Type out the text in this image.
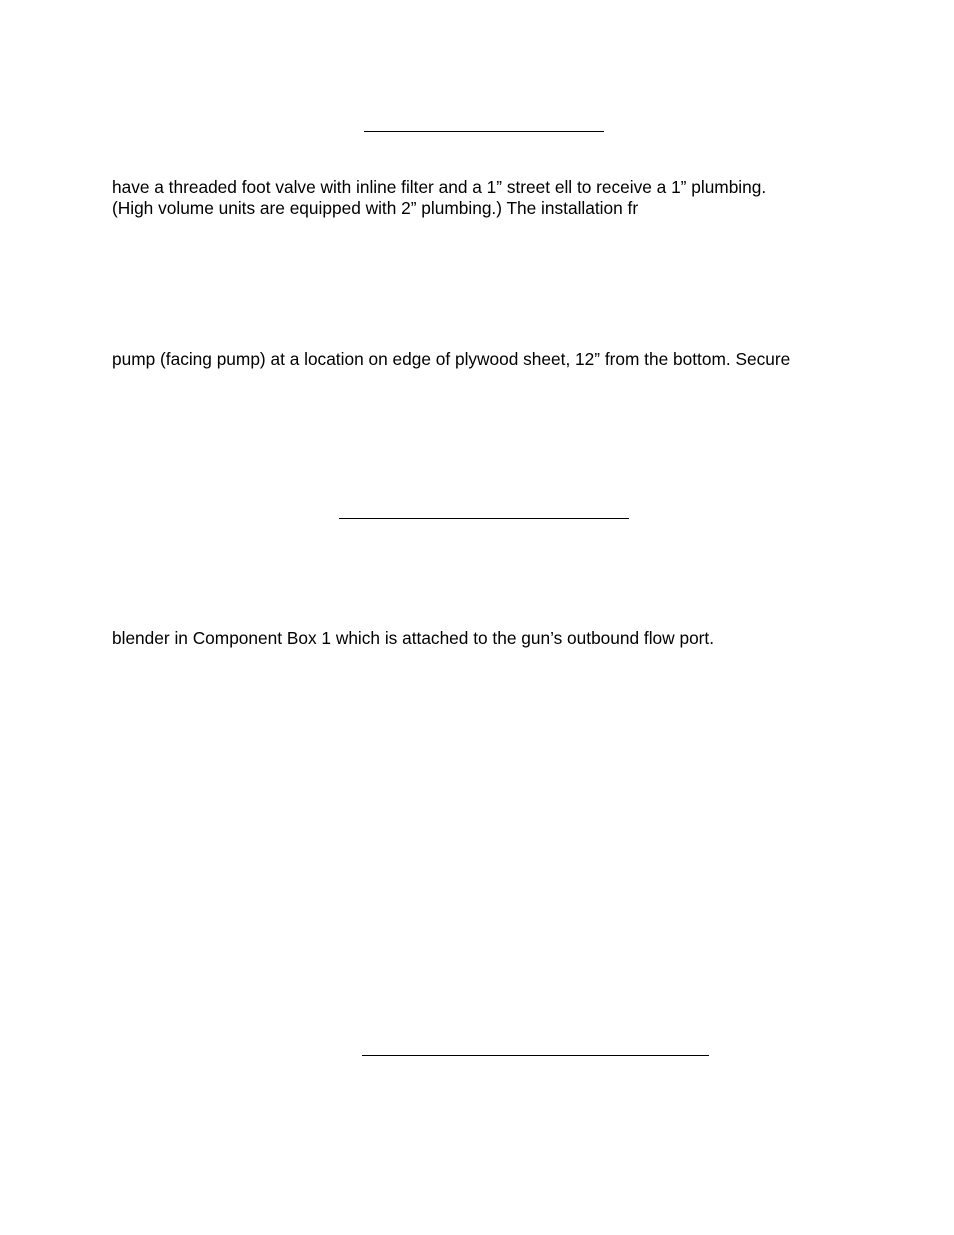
have a threaded foot valve with inline filter and a 1” street ell to receive a 1” plumbing.

(High volume units are equipped with 2” plumbing.) The installation fr

pump (facing pump) at a location on edge of plywood sheet, 12” from the bottom. Secure

blender in Component Box 1 which is attached to the gun’s outbound flow port.
